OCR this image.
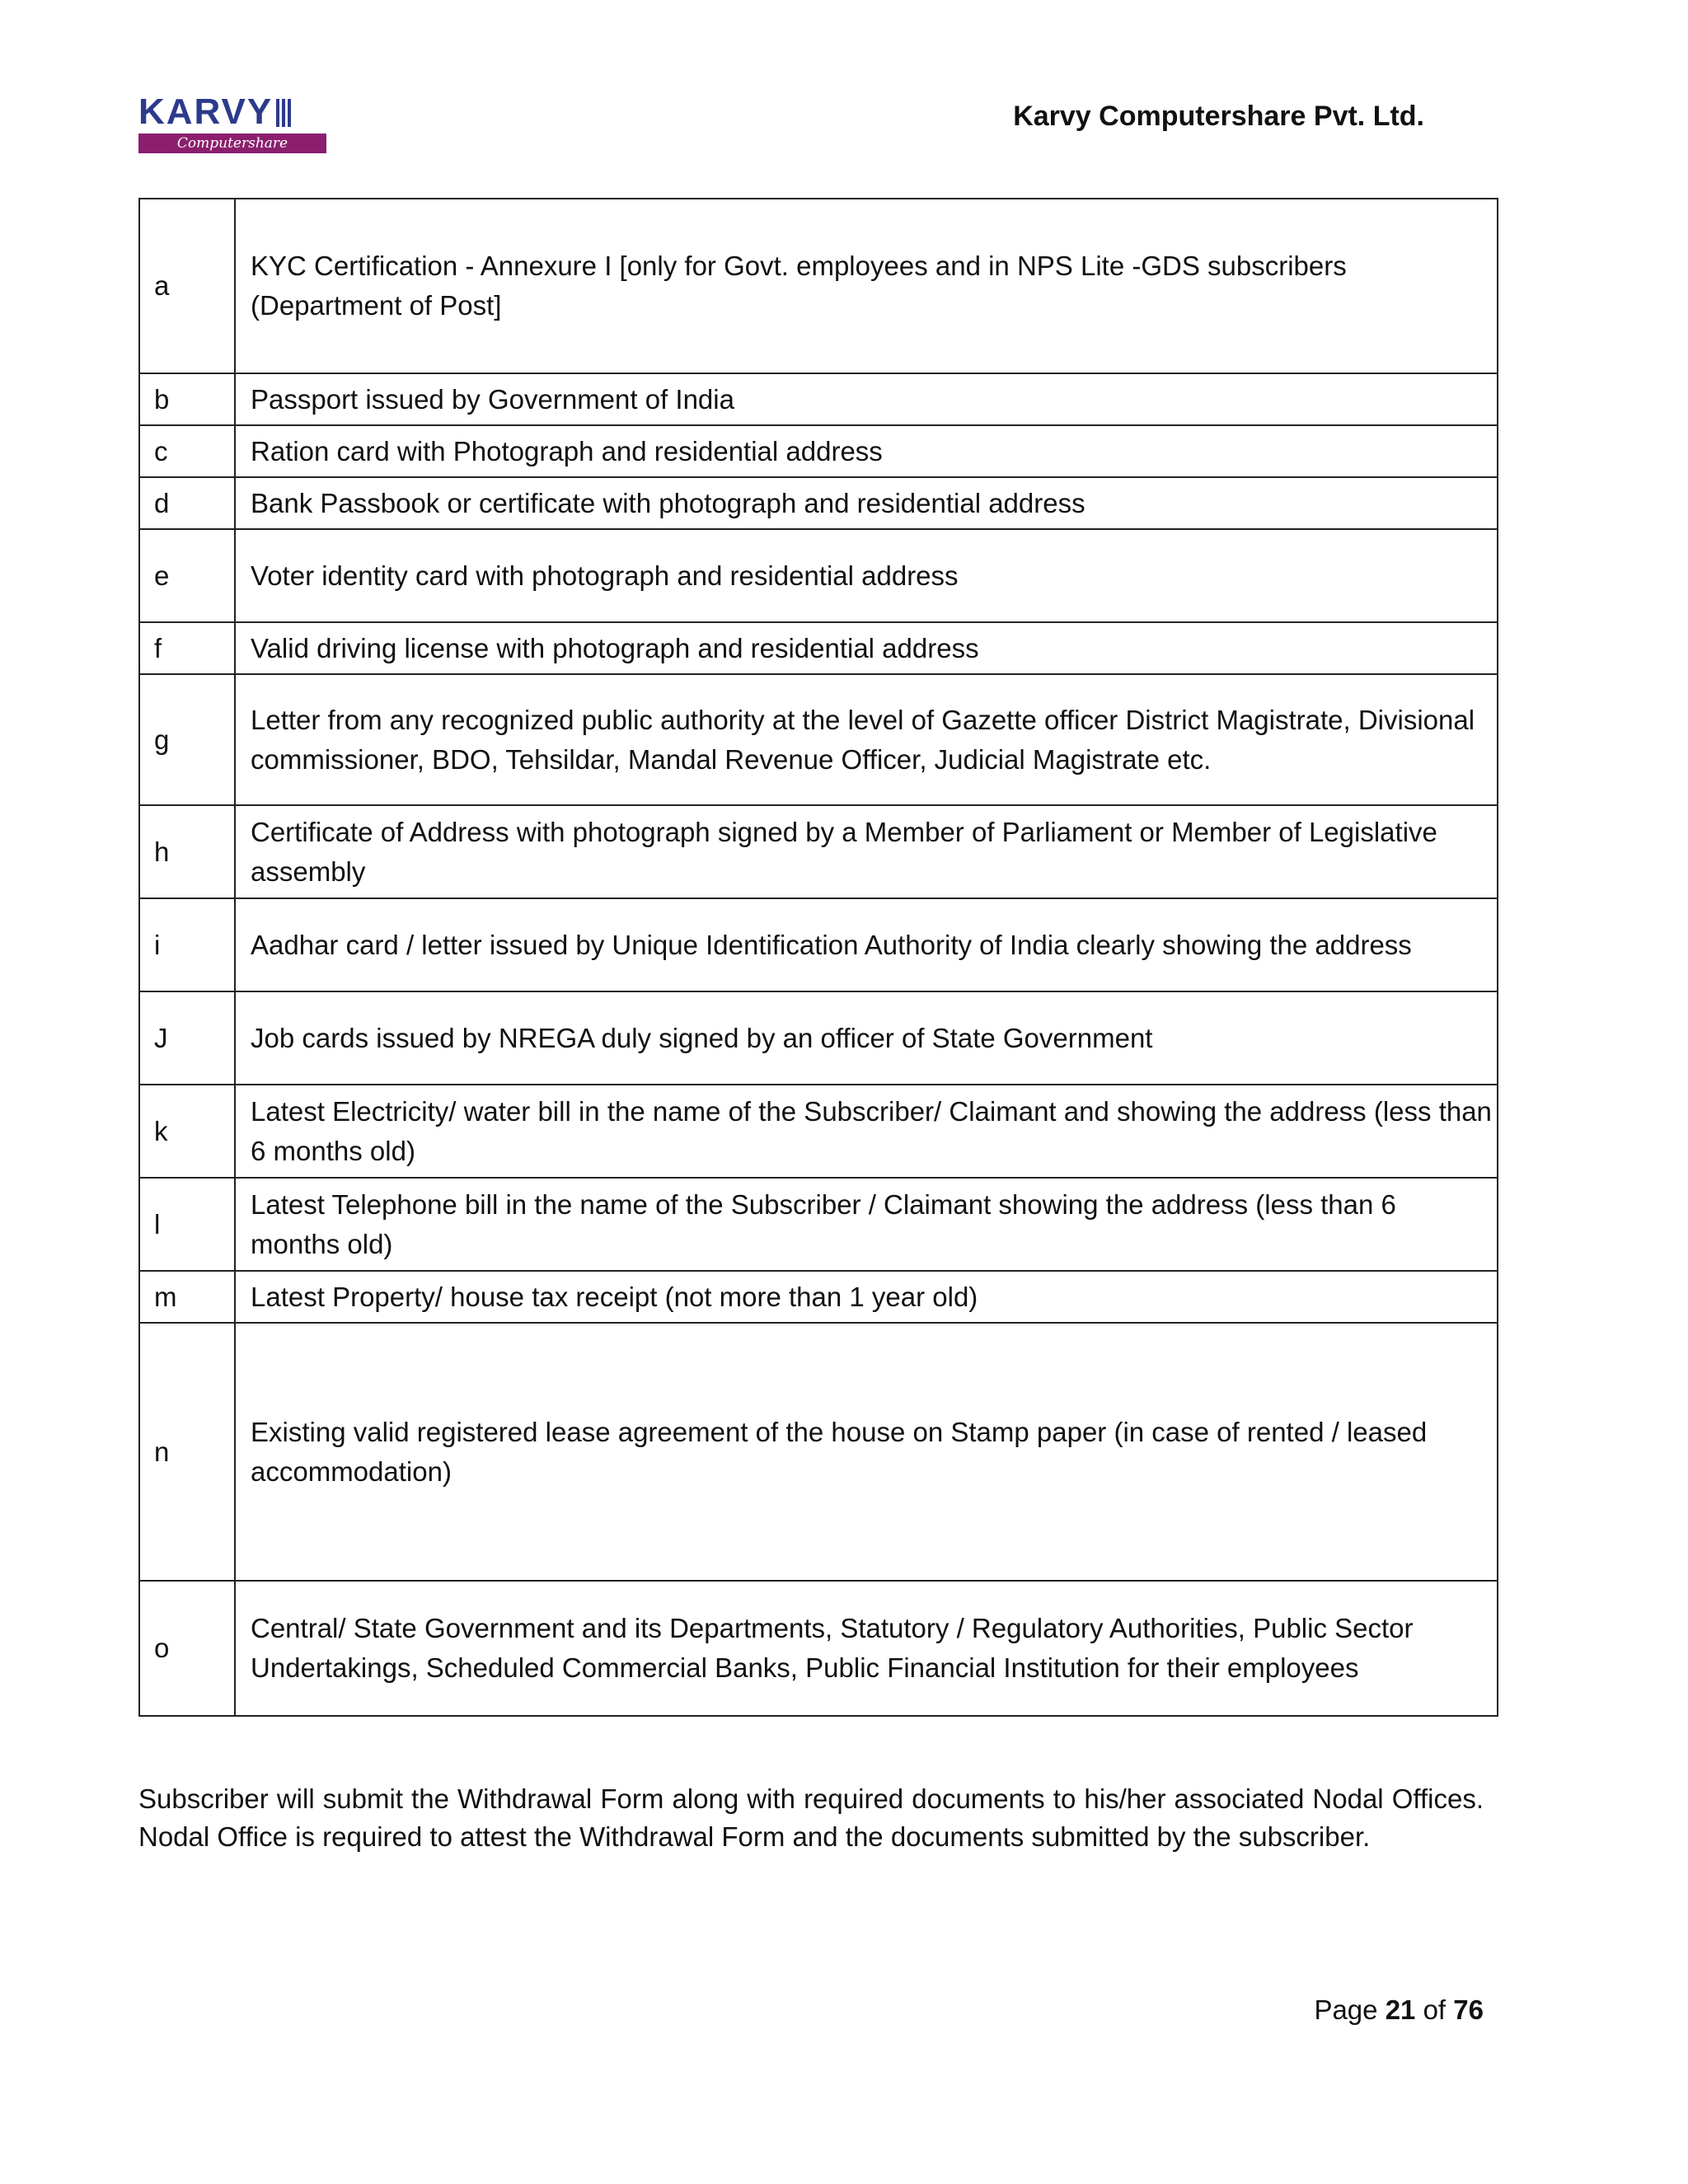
KARVY
Computershare
Karvy Computershare Pvt. Ltd.
a	KYC Certification - Annexure I [only for Govt. employees and in NPS Lite -GDS subscribers (Department of Post]
b	Passport issued by Government of India
c	Ration card with Photograph and residential address
d	Bank Passbook or certificate with photograph and residential address
e	Voter identity card with photograph and residential address
f	Valid driving license with photograph and residential address
g	Letter from any recognized public authority at the level of Gazette officer District Magistrate, Divisional commissioner, BDO, Tehsildar, Mandal Revenue Officer, Judicial Magistrate etc.
h	Certificate of Address with photograph signed by a Member of Parliament or Member of Legislative assembly
i	Aadhar card / letter issued by Unique Identification Authority of India clearly showing the address
J	Job cards issued by NREGA duly signed by an officer of State Government
k	Latest Electricity/ water bill in the name of the Subscriber/ Claimant and showing the address (less than 6 months old)
l	Latest Telephone bill in the name of the Subscriber / Claimant showing the address (less than 6 months old)
m	Latest Property/ house tax receipt (not more than 1 year old)
n	Existing valid registered lease agreement of the house on Stamp paper (in case of rented / leased accommodation)
o	Central/ State Government and its Departments, Statutory / Regulatory Authorities, Public Sector Undertakings, Scheduled Commercial Banks, Public Financial Institution for their employees

Subscriber will submit the Withdrawal Form along with required documents to his/her associated Nodal Offices. Nodal Office is required to attest the Withdrawal Form and the documents submitted by the subscriber.

Page 21 of 76
